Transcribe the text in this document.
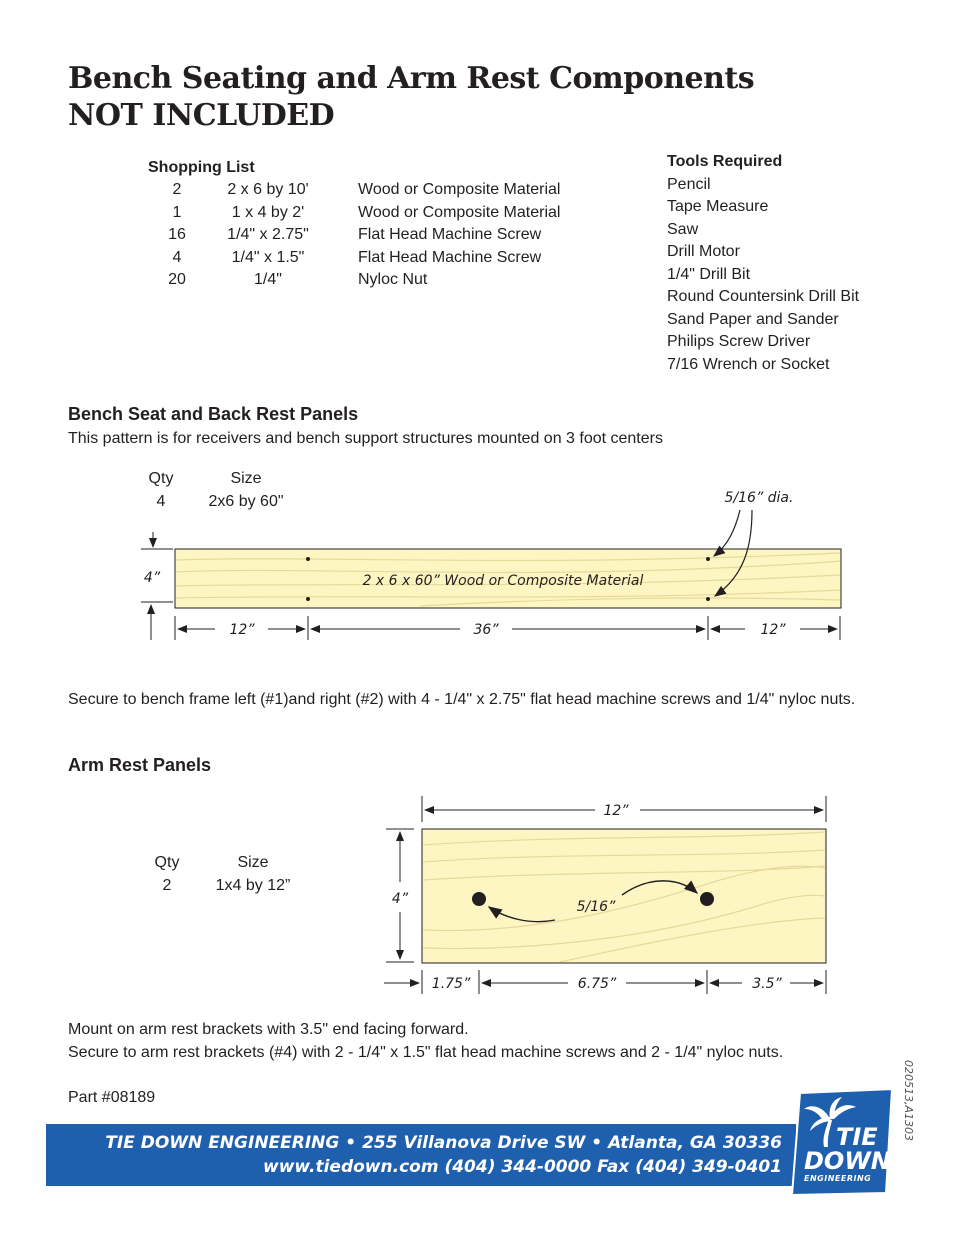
Bench Seating and Arm Rest Components
NOT INCLUDED
Shopping List
2	2 x 6 by 10'	Wood or Composite Material
1	1 x 4 by 2'	Wood or Composite Material
16	1/4" x 2.75"	Flat Head Machine Screw
4	1/4" x 1.5"	Flat Head Machine Screw
20	1/4"	Nyloc Nut
Tools Required
Pencil
Tape Measure
Saw
Drill Motor
1/4" Drill Bit
Round Countersink Drill Bit
Sand Paper and Sander
Philips Screw Driver
7/16 Wrench or Socket
Bench Seat and Back Rest Panels
This pattern is for receivers and bench support structures mounted on 3 foot centers
Qty	Size
4	2x6 by 60"
2 x 6 x 60” Wood or Composite Material
5/16” dia.
4”
12”	36”	12”
5/16”
12”
4”
1.75”	6.75”	3.5”
Secure to bench frame left (#1)and right (#2) with 4 - 1/4" x 2.75" flat head machine screws and 1/4" nyloc nuts.
Arm Rest Panels
Qty	Size
2	1x4 by 12”
Mount on arm rest brackets with 3.5" end facing forward.
Secure to arm rest brackets (#4) with 2 - 1/4" x 1.5" flat head machine screws and 2 - 1/4" nyloc nuts.
Part #08189	020513,A1303
TIE DOWN ENGINEERING • 255 Villanova Drive SW • Atlanta, GA 30336
www.tiedown.com (404) 344-0000 Fax (404) 349-0401
TIE
DOWN
ENGINEERING
